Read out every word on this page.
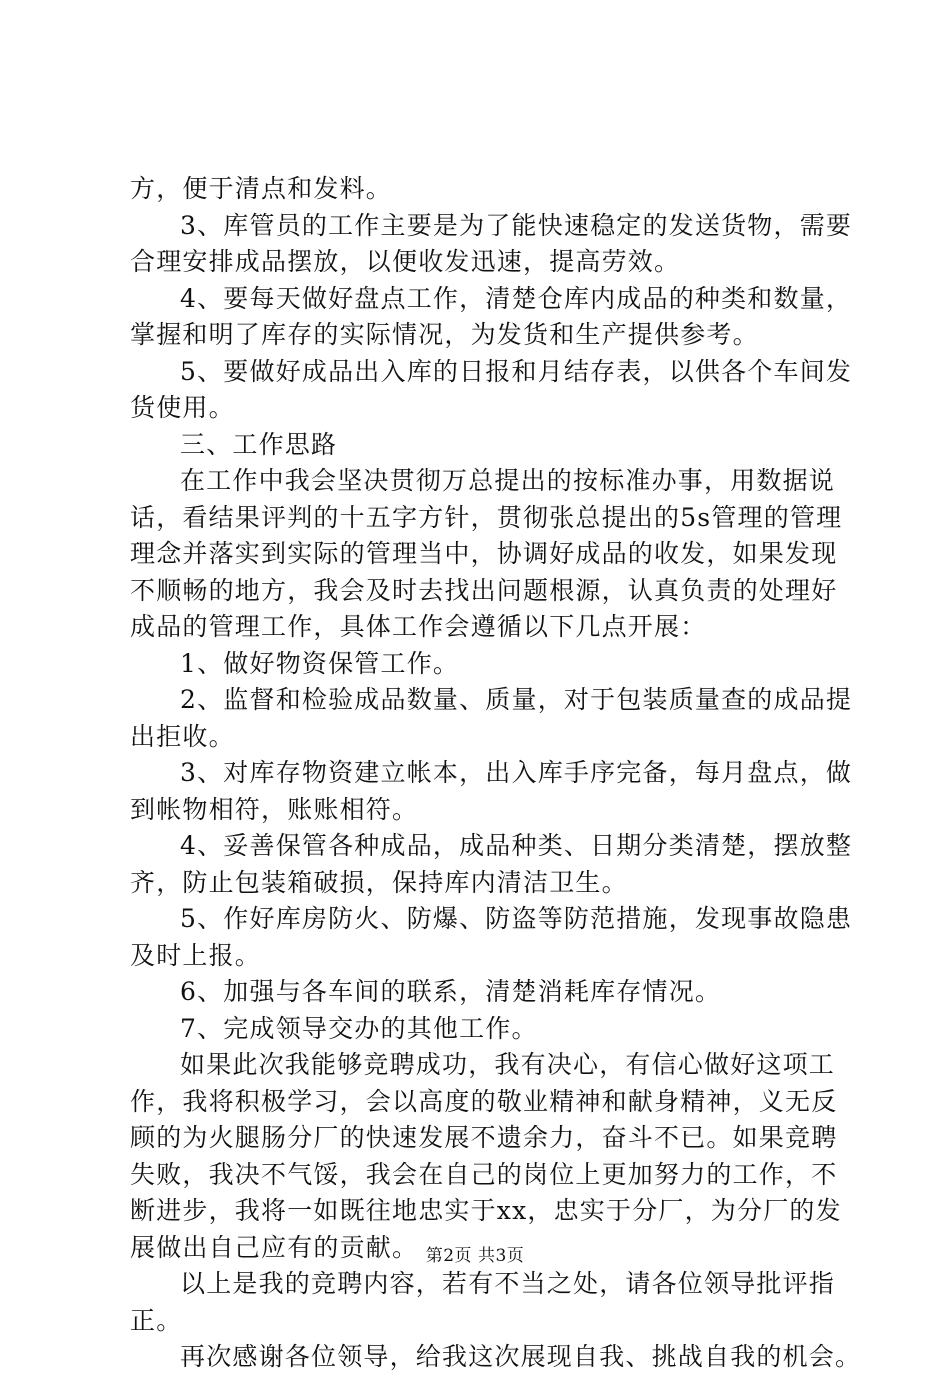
方，便于清点和发料。
3、库管员的工作主要是为了能快速稳定的发送货物，需要
合理安排成品摆放，以便收发迅速，提高劳效。
4、要每天做好盘点工作，清楚仓库内成品的种类和数量，
掌握和明了库存的实际情况，为发货和生产提供参考。
5、要做好成品出入库的日报和月结存表，以供各个车间发
货使用。
三、工作思路
在工作中我会坚决贯彻万总提出的按标准办事，用数据说
话，看结果评判的十五字方针，贯彻张总提出的5s管理的管理
理念并落实到实际的管理当中，协调好成品的收发，如果发现
不顺畅的地方，我会及时去找出问题根源，认真负责的处理好
成品的管理工作，具体工作会遵循以下几点开展：
1、做好物资保管工作。
2、监督和检验成品数量、质量，对于包装质量查的成品提
出拒收。
3、对库存物资建立帐本，出入库手序完备，每月盘点，做
到帐物相符，账账相符。
4、妥善保管各种成品，成品种类、日期分类清楚，摆放整
齐，防止包装箱破损，保持库内清洁卫生。
5、作好库房防火、防爆、防盗等防范措施，发现事故隐患
及时上报。
6、加强与各车间的联系，清楚消耗库存情况。
7、完成领导交办的其他工作。
如果此次我能够竞聘成功，我有决心，有信心做好这项工
作，我将积极学习，会以高度的敬业精神和献身精神，义无反
顾的为火腿肠分厂的快速发展不遗余力，奋斗不已。如果竞聘
失败，我决不气馁，我会在自己的岗位上更加努力的工作，不
断进步，我将一如既往地忠实于xx，忠实于分厂，为分厂的发
展做出自己应有的贡献。
以上是我的竞聘内容，若有不当之处，请各位领导批评指
正。
再次感谢各位领导，给我这次展现自我、挑战自我的机会。
第2页 共3页
